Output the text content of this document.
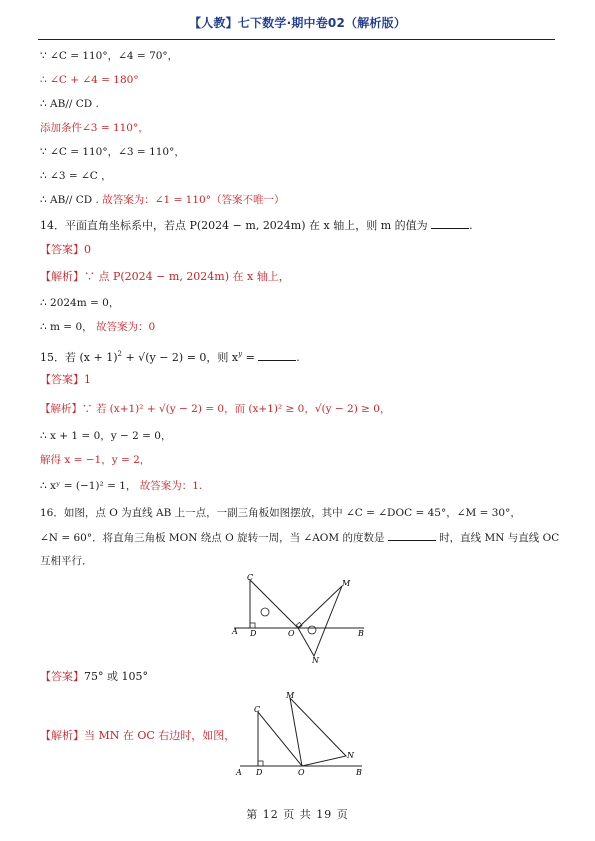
【人教】七下数学·期中卷02（解析版）
∵ ∠C = 110°，∠4 = 70°，
∴ ∠C + ∠4 = 180°
∴ AB// CD .
添加条件∠3 = 110°，
∵ ∠C = 110°，∠3 = 110°，
∴ ∠3 = ∠C ，
∴ AB// CD . 故答案为：∠1 = 110°（答案不唯一）
14．平面直角坐标系中，若点 P(2024 − m, 2024m) 在 x 轴上，则 m 的值为	.
【答案】0
【解析】∵ 点 P(2024 − m, 2024m) 在 x 轴上，
∴ 2024m = 0，
∴ m = 0， 故答案为：0
15．若 $(x + 1)^2 + √(y - 2) = 0$，则 $x^y$ =	.
【答案】1
【解析】∵ 若 (x+1)² + √(y − 2) = 0，而 (x+1)² ≥ 0，√(y − 2) ≥ 0，
∴ x + 1 = 0，y − 2 = 0，
解得 x = −1，y = 2，
∴ xʸ = (−1)² = 1， 故答案为：1.
16．如图，点 O 为直线 AB 上一点，一副三角板如图摆放，其中 ∠C = ∠DOC = 45°，∠M = 30°，
∠N = 60°．将直角三角板 MON 绕点 O 旋转一周，当 ∠AOM 的度数是	时，直线 MN 与直线 OC
互相平行．
A D
C
O
M
N
B
【答案】75° 或 105°
【解析】当 MN 在 OC 右边时，如图，
A D
C
O
M
N
B
第 12 页 共 19 页
